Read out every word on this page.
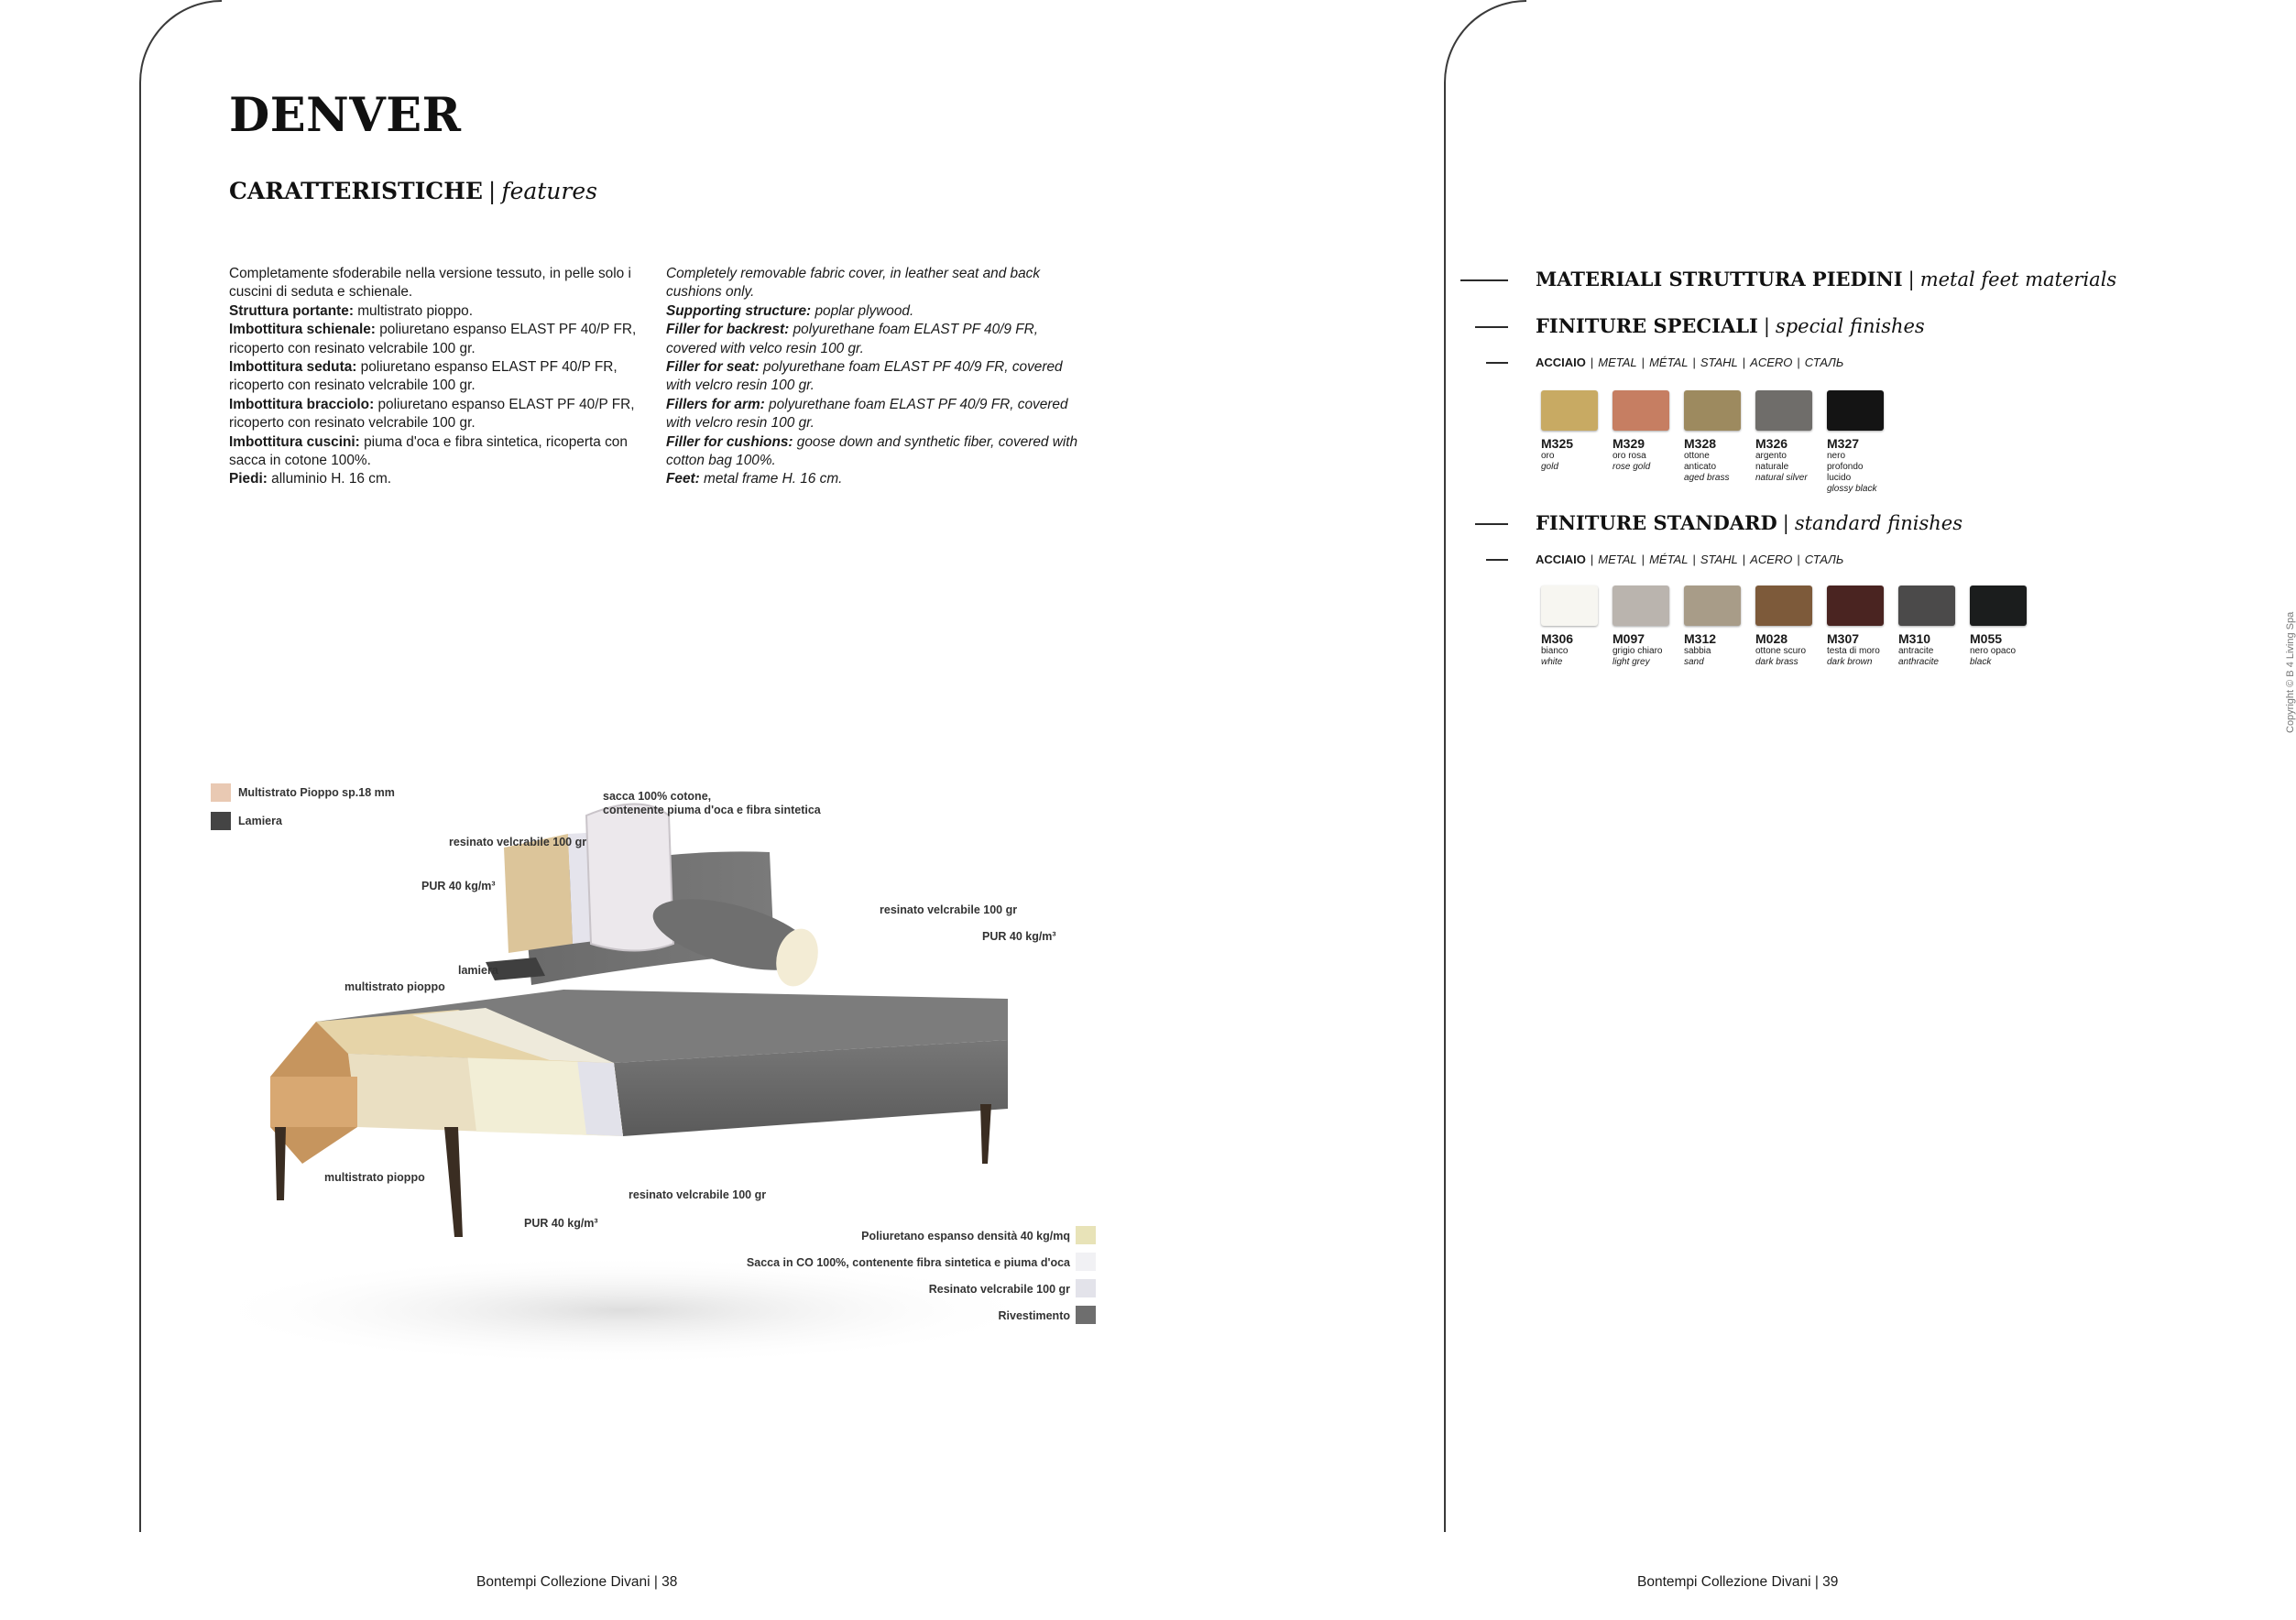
DENVER
CARATTERISTICHE | features

Completamente sfoderabile nella versione tessuto, in pelle solo i cuscini di seduta e schienale.

Struttura portante: multistrato pioppo.

Imbottitura schienale: poliuretano espanso ELAST PF 40/P FR, ricoperto con resinato velcrabile 100 gr.

Imbottitura seduta: poliuretano espanso ELAST PF 40/P FR, ricoperto con resinato velcrabile 100 gr.

Imbottitura bracciolo: poliuretano espanso ELAST PF 40/P FR, ricoperto con resinato velcrabile 100 gr.

Imbottitura cuscini: piuma d'oca e fibra sintetica, ricoperta con sacca in cotone 100%.

Piedi: alluminio H. 16 cm.

Completely removable fabric cover, in leather seat and back cushions only.

Supporting structure: poplar plywood.

Filler for backrest: polyurethane foam ELAST PF 40/9 FR, covered with velco resin 100 gr.

Filler for seat: polyurethane foam ELAST PF 40/9 FR, covered with velcro resin 100 gr.

Fillers for arm: polyurethane foam ELAST PF 40/9 FR, covered with velcro resin 100 gr.

Filler for cushions: goose down and synthetic fiber, covered with cotton bag 100%.

Feet: metal frame H. 16 cm.

Multistrato Pioppo sp.18 mm
Lamiera
sacca 100% cotone,
contenente piuma d'oca e fibra sintetica
resinato velcrabile 100 gr
PUR 40 kg/m³
resinato velcrabile 100 gr
PUR 40 kg/m³
lamiera
multistrato pioppo
multistrato pioppo
resinato velcrabile 100 gr
PUR 40 kg/m³
Poliuretano espanso densità 40 kg/mq
Sacca in CO 100%, contenente fibra sintetica e piuma d'oca
Resinato velcrabile 100 gr
Rivestimento
Bontempi Collezione Divani | 38
MATERIALI STRUTTURA PIEDINI | metal feet materials
FINITURE SPECIALI | special finishes
ACCIAIO | METAL | MÉTAL | STAHL | ACERO | СТАЛЬ
M325
oro
gold
M329
oro rosa
rose gold
M328
ottone anticato
aged brass
M326
argento
naturale
natural silver
M327
nero profondo
lucido
glossy black
FINITURE STANDARD | standard finishes
ACCIAIO | METAL | MÉTAL | STAHL | ACERO | СТАЛЬ
M306
bianco
white
M097
grigio chiaro
light grey
M312
sabbia
sand
M028
ottone scuro
dark brass
M307
testa di moro
dark brown
M310
antracite
anthracite
M055
nero opaco
black	Copyright © B 4 Living Spa
Bontempi Collezione Divani | 39
